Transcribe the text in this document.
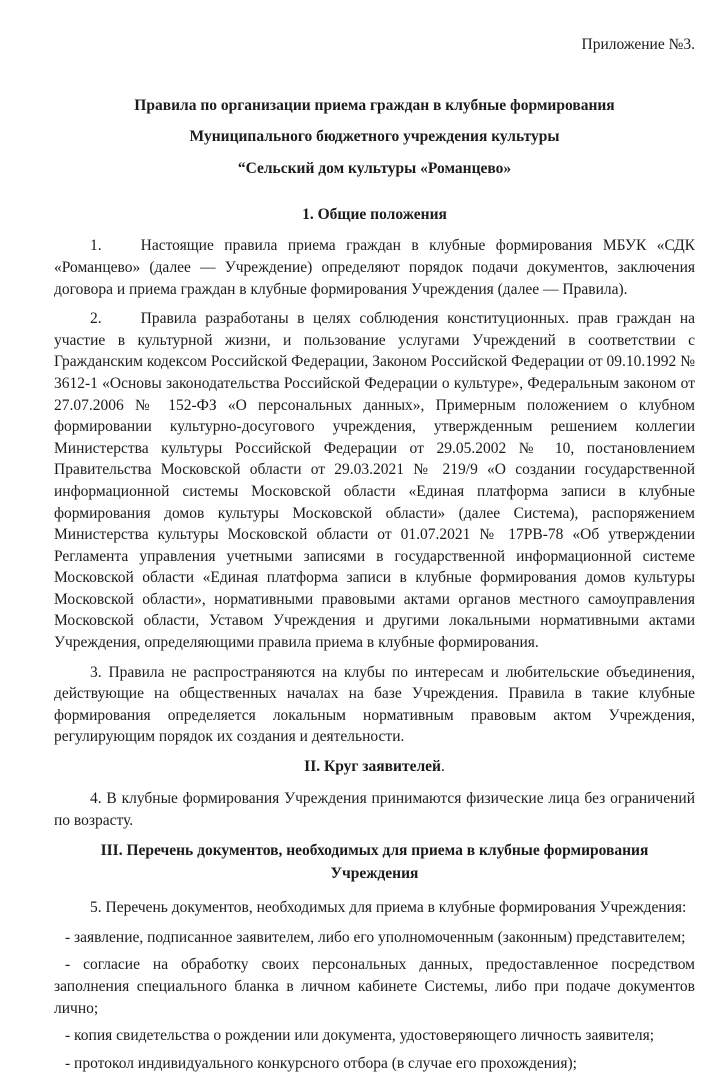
Приложение №3.

Правила по организации приема граждан в клубные формирования

Муниципального бюджетного учреждения культуры

“Сельский дом культуры «Романцево»

1. Общие положения

1.	Настоящие правила приема граждан в клубные формирования МБУК «СДК «Романцево» (далее — Учреждение) определяют порядок подачи документов, заключения договора и приема граждан в клубные формирования Учреждения (далее — Правила).

2.	Правила разработаны в целях соблюдения конституционных. прав граждан на участие в культурной жизни, и пользование услугами Учреждений в соответствии с Гражданским кодексом Российской Федерации, Законом Российской Федерации от 09.10.1992 № 3612-1 «Основы законодательства Российской Федерации о культуре», Федеральным законом от 27.07.2006 № 152-ФЗ «О персональных данных», Примерным положением о клубном формировании культурно-досугового учреждения, утвержденным решением коллегии Министерства культуры Российской Федерации от 29.05.2002 № 10, постановлением Правительства Московской области от 29.03.2021 № 219/9 «О создании государственной информационной системы Московской области «Единая платформа записи в клубные формирования домов культуры Московской области» (далее Система), распоряжением Министерства культуры Московской области от 01.07.2021 № 17РВ-78 «Об утверждении Регламента управления учетными записями в государственной информационной системе Московской области «Единая платформа записи в клубные формирования домов культуры Московской области», нормативными правовыми актами органов местного самоуправления Московской области, Уставом Учреждения и другими локальными нормативными актами Учреждения, определяющими правила приема в клубные формирования.

3. Правила не распространяются на клубы по интересам и любительские объединения, действующие на общественных началах на базе Учреждения. Правила в такие клубные формирования определяется локальным нормативным правовым актом Учреждения, регулирующим порядок их создания и деятельности.

II. Круг заявителей.

4. В клубные формирования Учреждения принимаются физические лица без ограничений по возрасту.

III. Перечень документов, необходимых для приема в клубные формирования
Учреждения

5. Перечень документов, необходимых для приема в клубные формирования Учреждения:

- заявление, подписанное заявителем, либо его уполномоченным (законным) представителем;

- согласие на обработку своих персональных данных, предоставленное посредством заполнения специального бланка в личном кабинете Системы, либо при подаче документов лично;

- копия свидетельства о рождении или документа, удостоверяющего личность заявителя;

- протокол индивидуального конкурсного отбора (в случае его прохождения);
